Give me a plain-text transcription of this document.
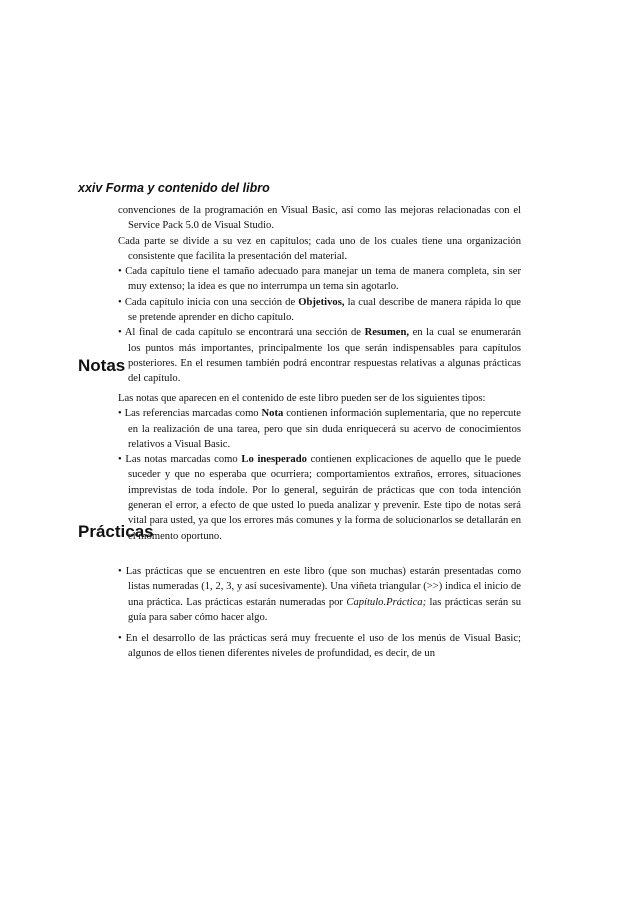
xxiv Forma y contenido del libro

convenciones de la programación en Visual Basic, así como las mejoras relacionadas con el Service Pack 5.0 de Visual Studio.

Cada parte se divide a su vez en capítulos; cada uno de los cuales tiene una organización consistente que facilita la presentación del material.

• Cada capítulo tiene el tamaño adecuado para manejar un tema de manera completa, sin ser muy extenso; la idea es que no interrumpa un tema sin agotarlo.

• Cada capítulo inicia con una sección de Objetivos, la cual describe de manera rápida lo que se pretende aprender en dicho capítulo.

• Al final de cada capítulo se encontrará una sección de Resumen, en la cual se enumerarán los puntos más importantes, principalmente los que serán indispensables para capítulos posteriores. En el resumen también podrá encontrar respuestas relativas a algunas prácticas del capítulo.

Notas

Las notas que aparecen en el contenido de este libro pueden ser de los siguientes tipos:

• Las referencias marcadas como Nota contienen información suplementaria, que no repercute en la realización de una tarea, pero que sin duda enriquecerá su acervo de conocimientos relativos a Visual Basic.

• Las notas marcadas como Lo inesperado contienen explicaciones de aquello que le puede suceder y que no esperaba que ocurriera; comportamientos extraños, errores, situaciones imprevistas de toda índole. Por lo general, seguirán de prácticas que con toda intención generan el error, a efecto de que usted lo pueda analizar y prevenir. Este tipo de notas será vital para usted, ya que los errores más comunes y la forma de solucionarlos se detallarán en el momento oportuno.

Prácticas

• Las prácticas que se encuentren en este libro (que son muchas) estarán presentadas como listas numeradas (1, 2, 3, y así sucesivamente). Una viñeta triangular (>>) indica el inicio de una práctica. Las prácticas estarán numeradas por Capítulo.Práctica; las prácticas serán su guía para saber cómo hacer algo.

• En el desarrollo de las prácticas será muy frecuente el uso de los menús de Visual Basic; algunos de ellos tienen diferentes niveles de profundidad, es decir, de un
